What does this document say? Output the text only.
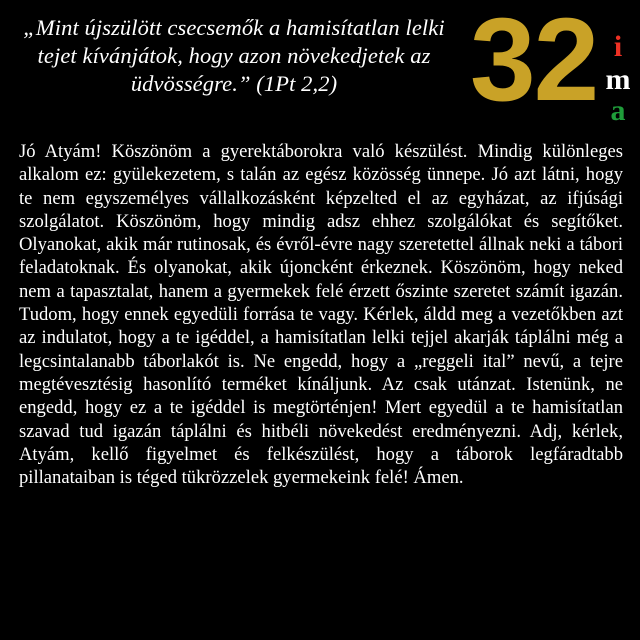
„Mint újszülött csecsemők a hamisítatlan lelki tejet kívánjátok, hogy azon növekedjetek az üdvösségre.” (1Pt 2,2)	32 i
m
a
Jó Atyám! Köszönöm a gyerektáborokra való készülést. Mindig különleges alkalom ez: gyülekezetem, s talán az egész közösség ünnepe. Jó azt látni, hogy te nem egyszemélyes vállalkozásként képzelted el az egyházat, az ifjúsági szolgálatot. Köszönöm, hogy mindig adsz ehhez szolgálókat és segítőket. Olyanokat, akik már rutinosak, és évről-évre nagy szeretettel állnak neki a tábori feladatoknak. És olyanokat, akik újoncként érkeznek. Köszönöm, hogy neked nem a tapasztalat, hanem a gyermekek felé érzett őszinte szeretet számít igazán. Tudom, hogy ennek egyedüli forrása te vagy. Kérlek, áldd meg a vezetőkben azt az indulatot, hogy a te igéddel, a hamisítatlan lelki tejjel akarják táplálni még a legcsintalanabb táborlakót is. Ne engedd, hogy a „reggeli ital” nevű, a tejre megtévesztésig hasonlító terméket kínáljunk. Az csak utánzat. Istenünk, ne engedd, hogy ez a te igéddel is megtörténjen! Mert egyedül a te hamisítatlan szavad tud igazán táplálni és hitbéli növekedést eredményezni. Adj, kérlek, Atyám, kellő figyelmet és felkészülést, hogy a táborok legfáradtabb pillanataiban is téged tükrözzelek gyermekeink felé! Ámen.
